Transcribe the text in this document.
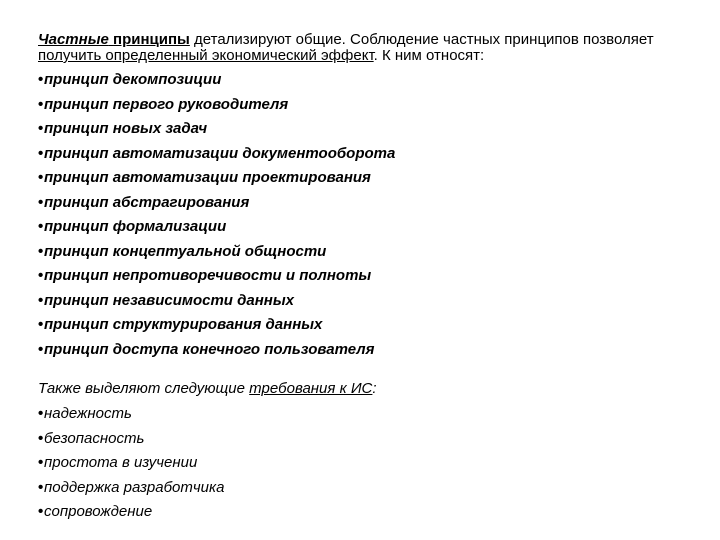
Частные принципы детализируют общие. Соблюдение частных принципов позволяет получить определенный экономический эффект. К ним относят:

•принцип декомпозиции
•принцип первого руководителя
•принцип новых задач
•принцип автоматизации документооборота
•принцип автоматизации проектирования
•принцип абстрагирования
•принцип формализации
•принцип концептуальной общности
•принцип непротиворечивости и полноты
•принцип независимости данных
•принцип структурирования данных
•принцип доступа конечного пользователя

Также выделяют следующие требования к ИС:

•надежность
•безопасность
•простота в изучении
•поддержка разработчика
•сопровождение
